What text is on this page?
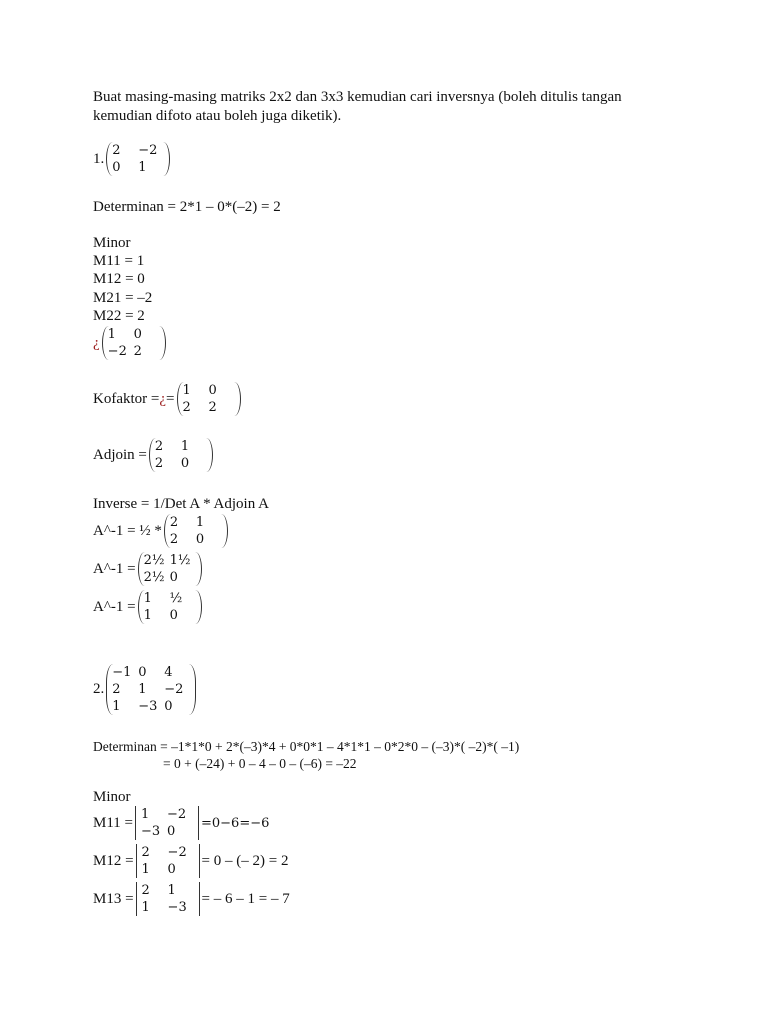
Buat masing-masing matriks 2x2 dan 3x3 kemudian cari inversnya (boleh ditulis tangan
kemudian difoto atau boleh juga diketik).
1. 2	−2
0	1
Determinan = 2*1 – 0*(–2) = 2
Minor
M11 = 1
M12 = 0
M21 = –2
M22 = 2
¿ 1	0
−2 2
Kofaktor = ¿ = 1	0
2	2
Adjoin = 2	1
2	0
Inverse = 1/Det A * Adjoin A
A^-1 = ½ * 2	1
2	0
A^-1 = 2½ 1½
2½ 0
A^-1 = 1	½
1	0
2.
−1 0	4
2	1	−2
1	−3 0
Determinan = –1*1*0 + 2*(–3)*4 + 0*0*1 – 4*1*1 – 0*2*0 – (–3)*( –2)*( –1)
= 0 + (–24) + 0 – 4 – 0 – (–6) = –22
Minor
M11 = 1	−2
−3 0
=0−6=−6
M12 = 2	−2
1	0
= 0 – (– 2) = 2
M13 = 2	1
1	−3
= – 6 – 1 = – 7
